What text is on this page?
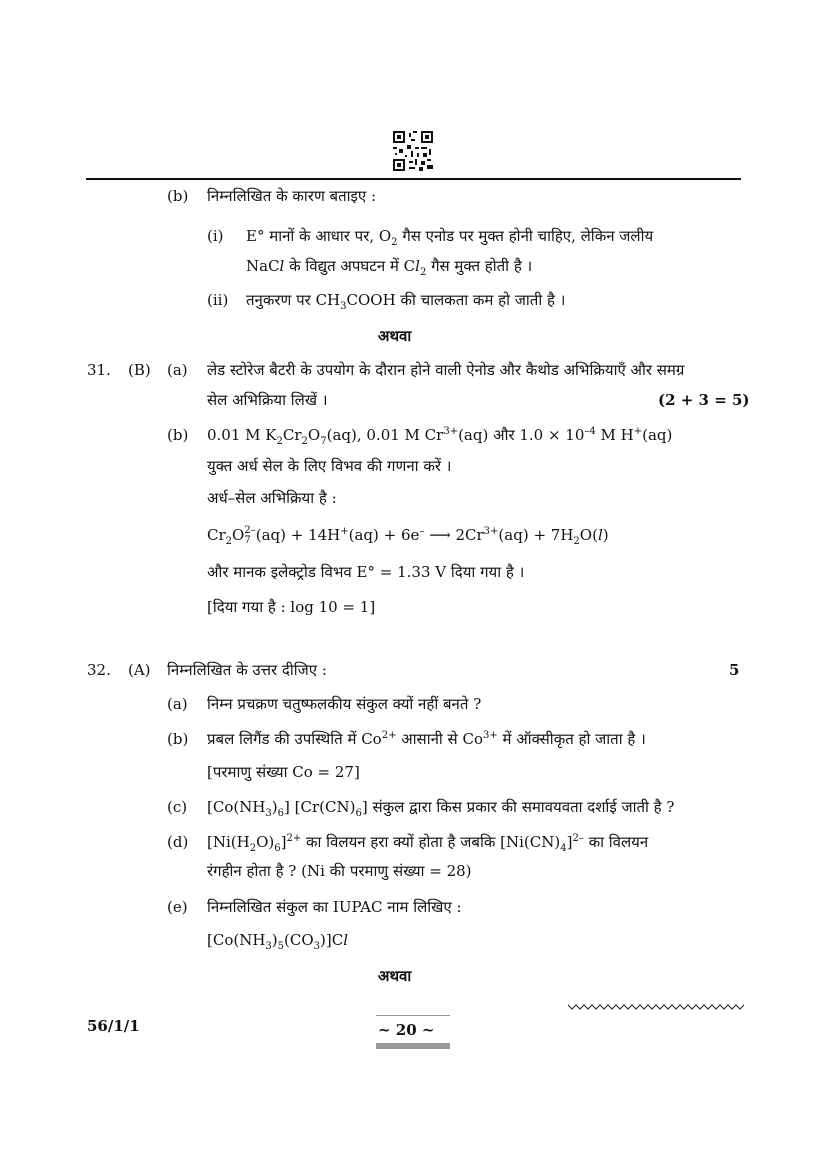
(b) निम्नलिखित के कारण बताइए :
(i) E° मानों के आधार पर, $O_2$ गैस एनोड पर मुक्त होनी चाहिए, लेकिन जलीय
NaCl के विद्युत अपघटन में $Cl_2$ गैस मुक्त होती है ।
(ii) तनुकरण पर $CH_3COOH$ की चालकता कम हो जाती है ।
अथवा
31. (B) (a) लेड स्टोरेज बैटरी के उपयोग के दौरान होने वाली ऐनोड और कैथोड अभिक्रियाएँ और समग्र
सेल अभिक्रिया लिखें ।	(2 + 3 = 5)
(b) 0.01 M $K_2Cr_2O_7(aq)$, 0.01 M $Cr^{3+}(aq)$ और $1.0 \times 10^{-4}$ M H+(aq)
युक्त अर्ध सेल के लिए विभव की गणना करें ।
अर्ध–सेल अभिक्रिया है :
$Cr_2O$ 2–
7 (aq) + 14H+(aq) + 6e– ⟶ $2Cr^{3+}(aq) + 7H_2O(l)$
और मानक इलेक्ट्रोड विभव E° = 1.33 V दिया गया है ।
[दिया गया है : log 10 = 1]
32. (A) निम्नलिखित के उत्तर दीजिए :	5
(a) निम्न प्रचक्रण चतुष्फलकीय संकुल क्यों नहीं बनते ?
(b) प्रबल लिगैंड की उपस्थिति में $Co^{2+}$ आसानी से $Co^{3+}$ में ऑक्सीकृत हो जाता है ।
[परमाणु संख्या Co = 27]
(c) $[Co(NH_3)_6]$ $[Cr(CN)_6]$ संकुल द्वारा किस प्रकार की समावयवता दर्शाई जाती है ?
(d) $[Ni(H_2O)_6]^{2+}$ का विलयन हरा क्यों होता है जबकि $[Ni(CN)_4]^{2-}$ का विलयन
रंगहीन होता है ? (Ni की परमाणु संख्या = 28)
(e) निम्नलिखित संकुल का IUPAC नाम लिखिए :
$[Co(NH_3)_5(CO_3)]Cl$
अथवा
56/1/1	~ 20 ~
